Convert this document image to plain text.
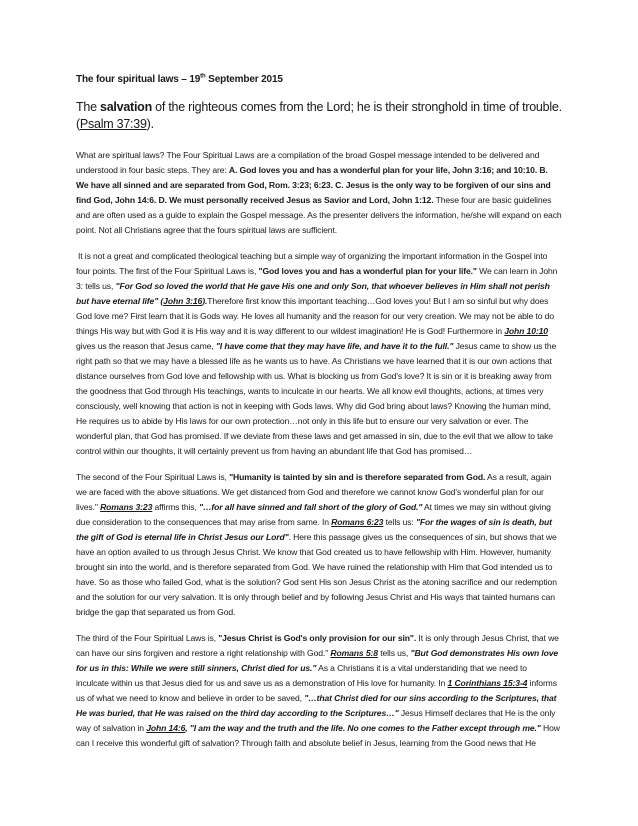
The four spiritual laws – 19th September 2015
The salvation of the righteous comes from the Lord; he is their stronghold in time of trouble. (Psalm 37:39).
What are spiritual laws? The Four Spiritual Laws are a compilation of the broad Gospel message intended to be delivered and understood in four basic steps. They are: A. God loves you and has a wonderful plan for your life, John 3:16; and 10:10. B. We have all sinned and are separated from God, Rom. 3:23; 6:23. C. Jesus is the only way to be forgiven of our sins and find God, John 14:6. D. We must personally received Jesus as Savior and Lord, John 1:12. These four are basic guidelines and are often used as a guide to explain the Gospel message. As the presenter delivers the information, he/she will expand on each point. Not all Christians agree that the fours spiritual laws are sufficient.
It is not a great and complicated theological teaching but a simple way of organizing the important information in the Gospel into four points. The first of the Four Spiritual Laws is, "God loves you and has a wonderful plan for your life." We can learn in John 3: tells us, "For God so loved the world that He gave His one and only Son, that whoever believes in Him shall not perish but have eternal life" (John 3:16).Therefore first know this important teaching…God loves you! But I am so sinful but why does God love me? First learn that it is Gods way. He loves all humanity and the reason for our very creation. We may not be able to do things His way but with God it is His way and it is way different to our wildest imagination! He is God! Furthermore in John 10:10 gives us the reason that Jesus came, "I have come that they may have life, and have it to the full." Jesus came to show us the right path so that we may have a blessed life as he wants us to have. As Christians we have learned that it is our own actions that distance ourselves from God love and fellowship with us. What is blocking us from God's love? It is sin or it is breaking away from the goodness that God through His teachings, wants to inculcate in our hearts. We all know evil thoughts, actions, at times very consciously, well knowing that action is not in keeping with Gods laws. Why did God bring about laws? Knowing the human mind, He requires us to abide by His laws for our own protection…not only in this life but to ensure our very salvation or ever. The wonderful plan, that God has promised. If we deviate from these laws and get amassed in sin, due to the evil that we allow to take control within our thoughts, it will certainly prevent us from having an abundant life that God has promised…
The second of the Four Spiritual Laws is, "Humanity is tainted by sin and is therefore separated from God. As a result, again we are faced with the above situations. We get distanced from God and therefore we cannot know God's wonderful plan for our lives." Romans 3:23 affirms this, "…for all have sinned and fall short of the glory of God." At times we may sin without giving due consideration to the consequences that may arise from same. In Romans 6:23 tells us: "For the wages of sin is death, but the gift of God is eternal life in Christ Jesus our Lord". Here this passage gives us the consequences of sin, but shows that we have an option availed to us through Jesus Christ. We know that God created us to have fellowship with Him. However, humanity brought sin into the world, and is therefore separated from God. We have ruined the relationship with Him that God intended us to have. So as those who failed God, what is the solution? God sent His son Jesus Christ as the atoning sacrifice and our redemption and the solution for our very salvation. It is only through belief and by following Jesus Christ and His ways that tainted humans can bridge the gap that separated us from God.
The third of the Four Spiritual Laws is, "Jesus Christ is God's only provision for our sin". It is only through Jesus Christ, that we can have our sins forgiven and restore a right relationship with God." Romans 5:8 tells us, "But God demonstrates His own love for us in this: While we were still sinners, Christ died for us." As a Christians it is a vital understanding that we need to inculcate within us that Jesus died for us and save us as a demonstration of His love for humanity. In 1 Corinthians 15:3-4 informs us of what we need to know and believe in order to be saved, "…that Christ died for our sins according to the Scriptures, that He was buried, that He was raised on the third day according to the Scriptures…" Jesus Himself declares that He is the only way of salvation in John 14:6, "I am the way and the truth and the life. No one comes to the Father except through me." How can I receive this wonderful gift of salvation? Through faith and absolute belief in Jesus, learning from the Good news that He
